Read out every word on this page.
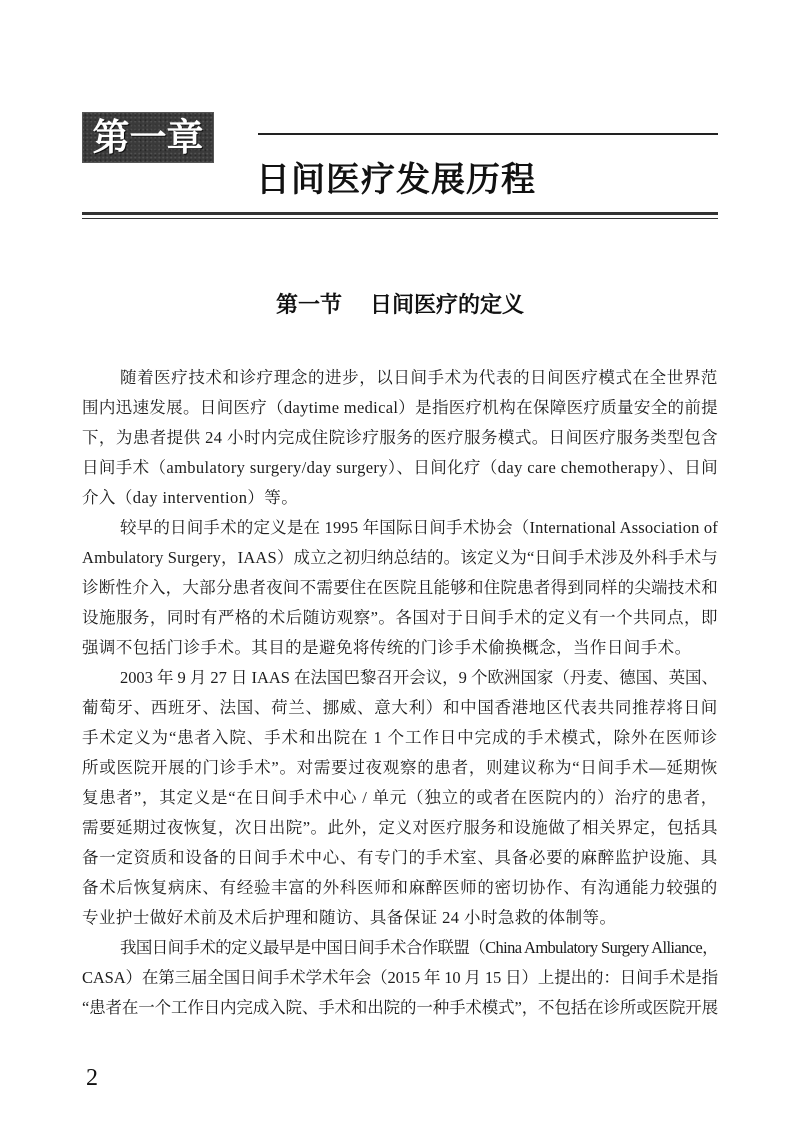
第一章
日间医疗发展历程
第一节 日间医疗的定义
随着医疗技术和诊疗理念的进步，以日间手术为代表的日间医疗模式在全世界范
围内迅速发展。日间医疗（daytime medical）是指医疗机构在保障医疗质量安全的前提
下，为患者提供 24 小时内完成住院诊疗服务的医疗服务模式。日间医疗服务类型包含
日间手术（ambulatory surgery/day surgery）、日间化疗（day care chemotherapy）、日间
介入（day intervention）等。
较早的日间手术的定义是在 1995 年国际日间手术协会（International Association of
Ambulatory Surgery，IAAS）成立之初归纳总结的。该定义为“日间手术涉及外科手术与
诊断性介入，大部分患者夜间不需要住在医院且能够和住院患者得到同样的尖端技术和
设施服务，同时有严格的术后随访观察”。各国对于日间手术的定义有一个共同点，即
强调不包括门诊手术。其目的是避免将传统的门诊手术偷换概念，当作日间手术。
2003 年 9 月 27 日 IAAS 在法国巴黎召开会议，9 个欧洲国家（丹麦、德国、英国、
葡萄牙、西班牙、法国、荷兰、挪威、意大利）和中国香港地区代表共同推荐将日间
手术定义为“患者入院、手术和出院在 1 个工作日中完成的手术模式，除外在医师诊
所或医院开展的门诊手术”。对需要过夜观察的患者，则建议称为“日间手术—延期恢
复患者”，其定义是“在日间手术中心 / 单元（独立的或者在医院内的）治疗的患者，
需要延期过夜恢复，次日出院”。此外，定义对医疗服务和设施做了相关界定，包括具
备一定资质和设备的日间手术中心、有专门的手术室、具备必要的麻醉监护设施、具
备术后恢复病床、有经验丰富的外科医师和麻醉医师的密切协作、有沟通能力较强的
专业护士做好术前及术后护理和随访、具备保证 24 小时急救的体制等。
我国日间手术的定义最早是中国日间手术合作联盟（China Ambulatory Surgery Alliance，
CASA）在第三届全国日间手术学术年会（2015 年 10 月 15 日）上提出的：日间手术是指
“患者在一个工作日内完成入院、手术和出院的一种手术模式”，不包括在诊所或医院开展
2
